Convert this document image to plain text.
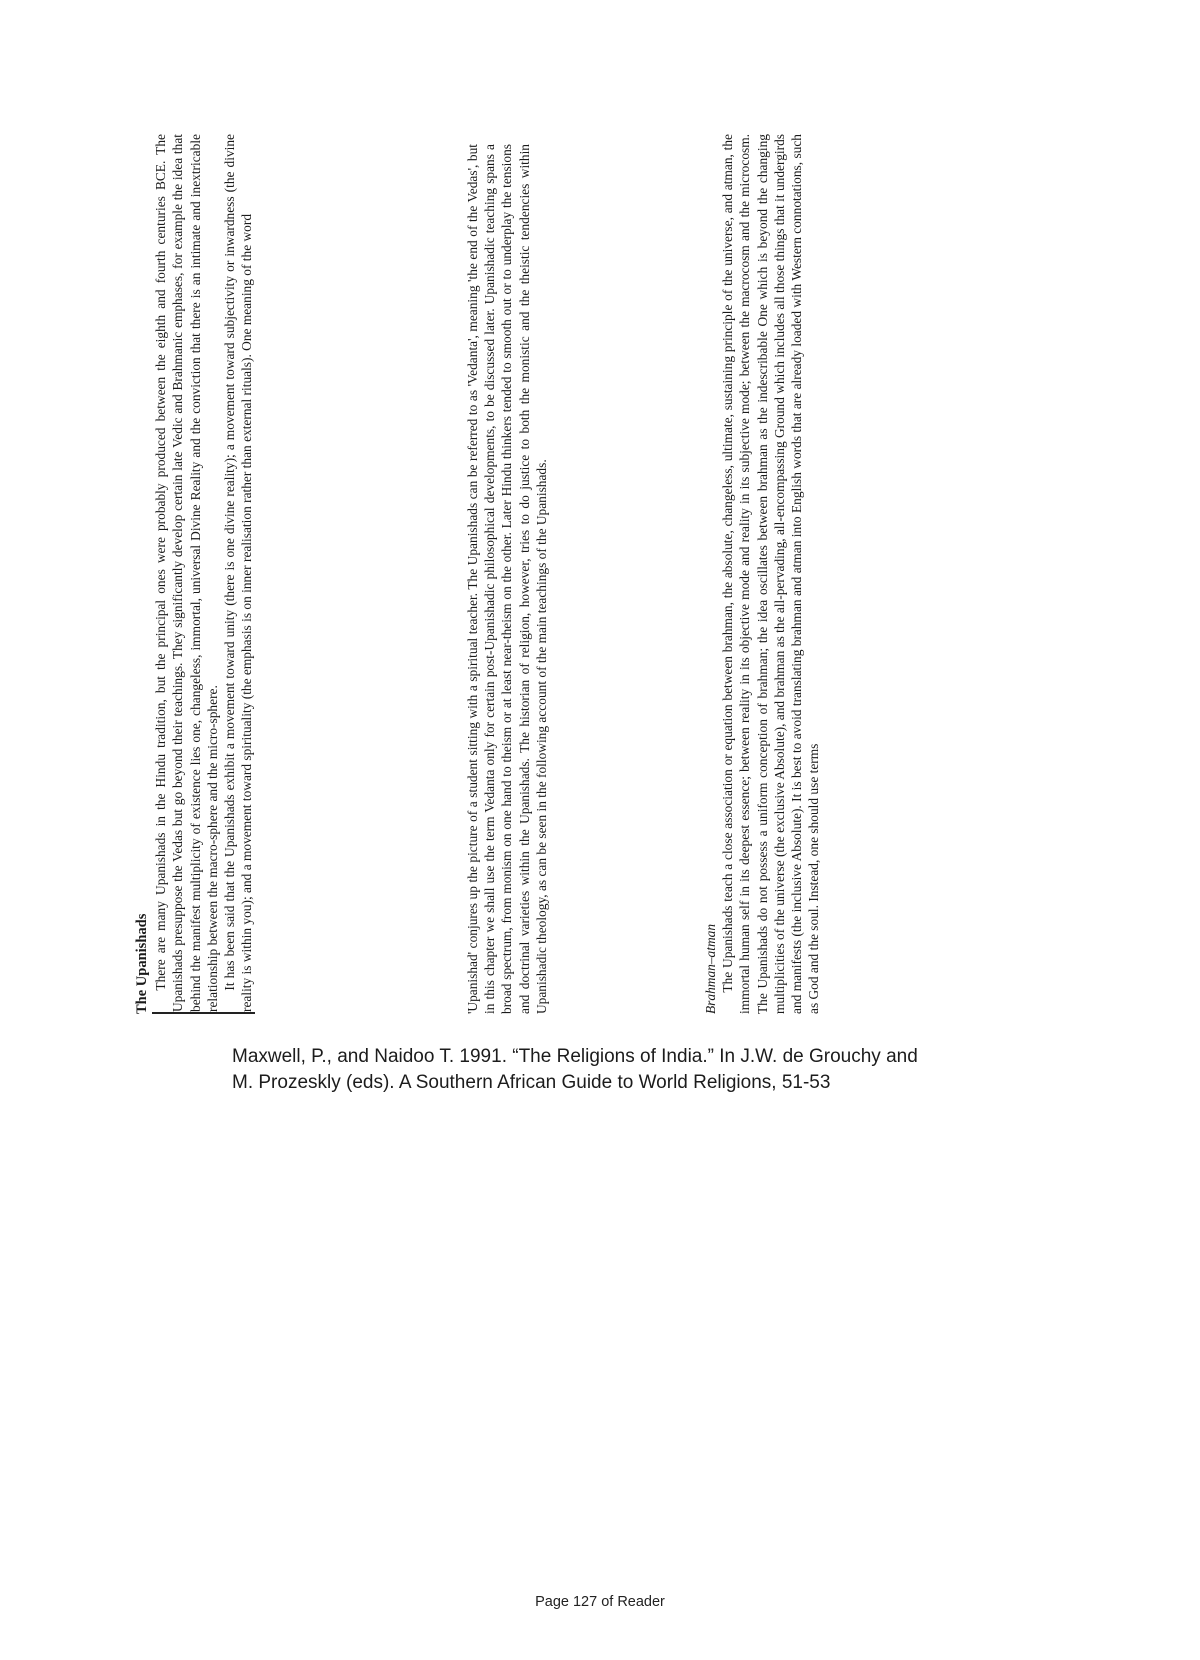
The Upanishads There are many Upanishads in the Hindu tradition, but the principal ones were probably produced between the eighth and fourth centuries BCE. The Upanishads presuppose the Vedas but go beyond their teachings. They significantly develop certain late Vedic and Brahmanic emphases, for example the idea that behind the manifest multiplicity of existence lies one, changeless, immortal, universal Divine Reality and the conviction that there is an intimate and inextricable relationship between the macro-sphere and the micro-sphere. It has been said that the Upanishads exhibit a movement toward unity (there is one divine reality); a movement toward subjectivity or inwardness (the divine reality is within you); and a movement toward spirituality (the emphasis is on inner realisation rather than external rituals). One meaning of the word	'Upanishad' conjures up the picture of a student sitting with a spiritual teacher. The Upanishads can be referred to as 'Vedanta', meaning 'the end of the Vedas', but in this chapter we shall use the term Vedanta only for certain post-Upanishadic philosophical developments, to be discussed later. Upanishadic teaching spans a broad spectrum, from monism on one hand to theism or at least near-theism on the other. Later Hindu thinkers tended to smooth out or to underplay the tensions and doctrinal varieties within the Upanishads. The historian of religion, however, tries to do justice to both the monistic and the theistic tendencies within Upanishadic theology, as can be seen in the following account of the main teachings of the Upanishads.	Brahman–atman The Upanishads teach a close association or equation between brahman, the absolute, changeless, ultimate, sustaining principle of the universe, and atman, the immortal human self in its deepest essence; between reality in its objective mode and reality in its subjective mode; between the macrocosm and the microcosm. The Upanishads do not possess a uniform conception of brahman; the idea oscillates between brahman as the indescribable One which is beyond the changing multiplicities of the universe (the exclusive Absolute), and brahman as the all-pervading, all-encompassing Ground which includes all those things that it undergirds and manifests (the inclusive Absolute). It is best to avoid translating brahman and atman into English words that are already loaded with Western connotations, such as God and the soul. Instead, one should use terms

Maxwell, P., and Naidoo T. 1991. “The Religions of India.” In J.W. de Grouchy and
M. Prozeskly (eds). A Southern African Guide to World Religions, 51-53
Page 127 of Reader
